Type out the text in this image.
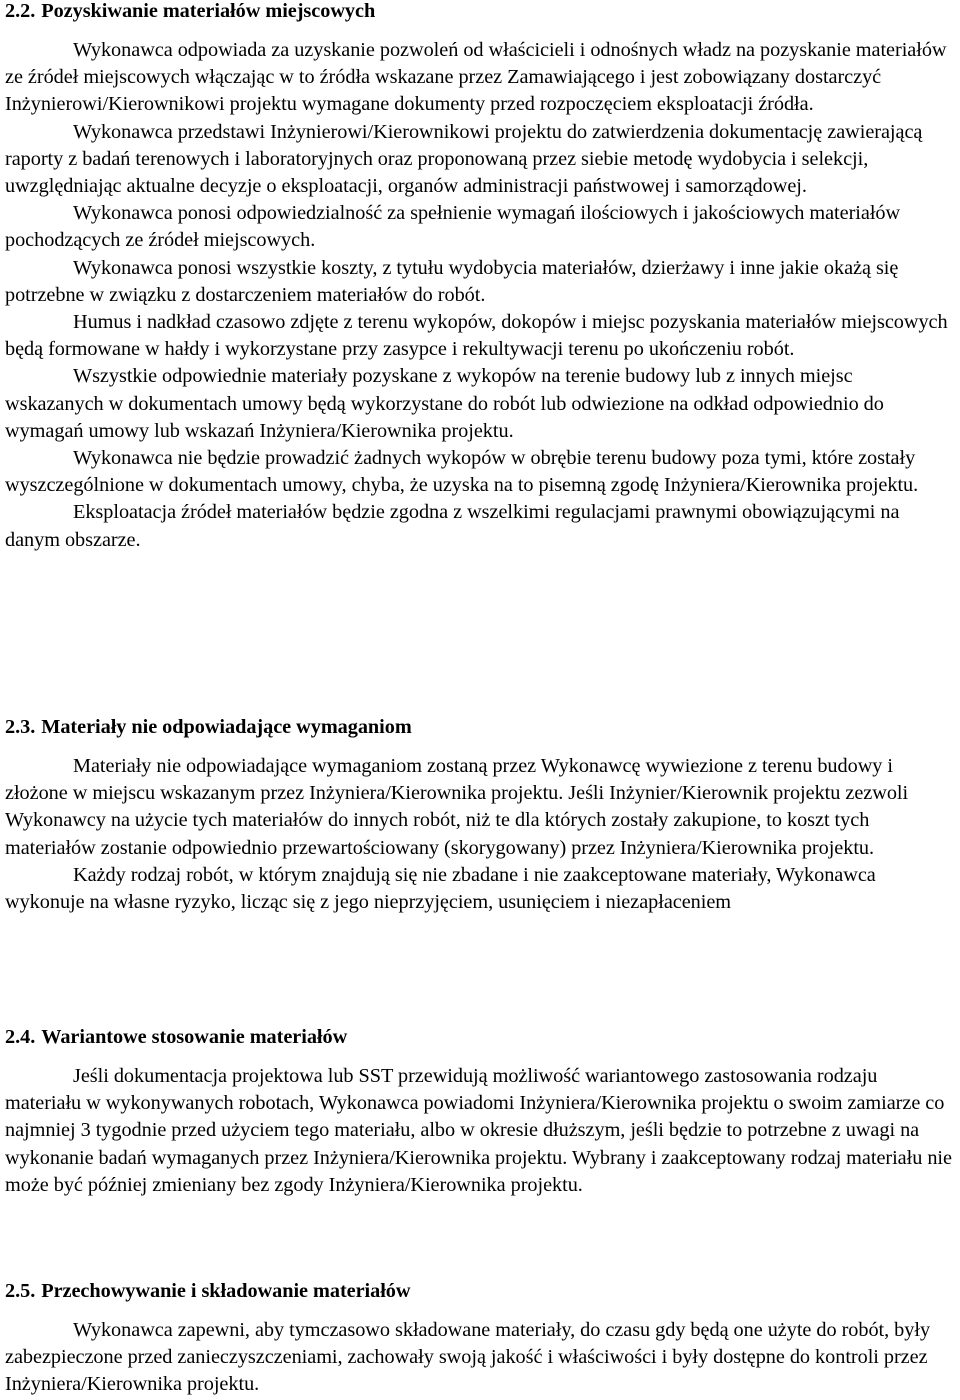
2.2. Pozyskiwanie materiałów miejscowych

Wykonawca odpowiada za uzyskanie pozwoleń od właścicieli i odnośnych władz na pozyskanie materiałów ze źródeł miejscowych włączając w to źródła wskazane przez Zamawiającego i jest zobowiązany dostarczyć Inżynierowi/Kierownikowi projektu wymagane dokumenty przed rozpoczęciem eksploatacji źródła.

Wykonawca przedstawi Inżynierowi/Kierownikowi projektu do zatwierdzenia dokumentację zawierającą raporty z badań terenowych i laboratoryjnych oraz proponowaną przez siebie metodę wydobycia i selekcji, uwzględniając aktualne decyzje o eksploatacji, organów administracji państwowej i samorządowej.

Wykonawca ponosi odpowiedzialność za spełnienie wymagań ilościowych i jakościowych materiałów pochodzących ze źródeł miejscowych.

Wykonawca ponosi wszystkie koszty, z tytułu wydobycia materiałów, dzierżawy i inne jakie okażą się potrzebne w związku z dostarczeniem materiałów do robót.

Humus i nadkład czasowo zdjęte z terenu wykopów, dokopów i miejsc pozyskania materiałów miejscowych będą formowane w hałdy i wykorzystane przy zasypce i rekultywacji terenu po ukończeniu robót.

Wszystkie odpowiednie materiały pozyskane z wykopów na terenie budowy lub z innych miejsc wskazanych w dokumentach umowy będą wykorzystane do robót lub odwiezione na odkład odpowiednio do wymagań umowy lub wskazań Inżyniera/Kierownika projektu.

Wykonawca nie będzie prowadzić żadnych wykopów w obrębie terenu budowy poza tymi, które zostały wyszczególnione w dokumentach umowy, chyba, że uzyska na to pisemną zgodę Inżyniera/Kierownika projektu.

Eksploatacja źródeł materiałów będzie zgodna z wszelkimi regulacjami prawnymi obowiązującymi na danym obszarze.

2.3. Materiały nie odpowiadające wymaganiom

Materiały nie odpowiadające wymaganiom zostaną przez Wykonawcę wywiezione z terenu budowy i złożone w miejscu wskazanym przez Inżyniera/Kierownika projektu. Jeśli Inżynier/Kierownik projektu zezwoli Wykonawcy na użycie tych materiałów do innych robót, niż te dla których zostały zakupione, to koszt tych materiałów zostanie odpowiednio przewartościowany (skorygowany) przez Inżyniera/Kierownika projektu.

Każdy rodzaj robót, w którym znajdują się nie zbadane i nie zaakceptowane materiały, Wykonawca wykonuje na własne ryzyko, licząc się z jego nieprzyjęciem, usunięciem i niezapłaceniem

2.4. Wariantowe stosowanie materiałów

Jeśli dokumentacja projektowa lub SST przewidują możliwość wariantowego zastosowania rodzaju materiału w wykonywanych robotach, Wykonawca powiadomi Inżyniera/Kierownika projektu o swoim zamiarze co najmniej 3 tygodnie przed użyciem tego materiału, albo w okresie dłuższym, jeśli będzie to potrzebne z uwagi na wykonanie badań wymaganych przez Inżyniera/Kierownika projektu. Wybrany i zaakceptowany rodzaj materiału nie może być później zmieniany bez zgody Inżyniera/Kierownika projektu.

2.5. Przechowywanie i składowanie materiałów

Wykonawca zapewni, aby tymczasowo składowane materiały, do czasu gdy będą one użyte do robót, były zabezpieczone przed zanieczyszczeniami, zachowały swoją jakość i właściwości i były dostępne do kontroli przez Inżyniera/Kierownika projektu.
